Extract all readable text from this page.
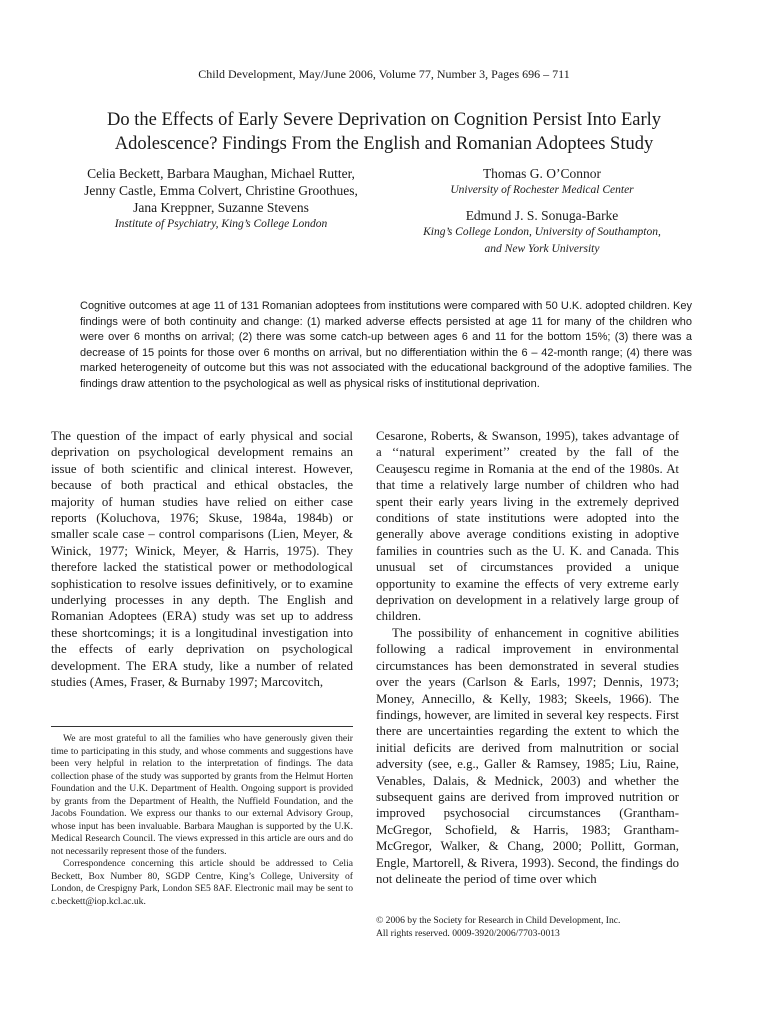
Child Development, May/June 2006, Volume 77, Number 3, Pages 696 – 711
Do the Effects of Early Severe Deprivation on Cognition Persist Into Early
Adolescence? Findings From the English and Romanian Adoptees Study
Celia Beckett, Barbara Maughan, Michael Rutter, Jenny Castle, Emma Colvert, Christine Groothues, Jana Kreppner, Suzanne Stevens
Institute of Psychiatry, King’s College London
Thomas G. O’Connor
University of Rochester Medical Center
Edmund J. S. Sonuga-Barke
King’s College London, University of Southampton,
and New York University
Cognitive outcomes at age 11 of 131 Romanian adoptees from institutions were compared with 50 U.K. adopted children. Key findings were of both continuity and change: (1) marked adverse effects persisted at age 11 for many of the children who were over 6 months on arrival; (2) there was some catch-up between ages 6 and 11 for the bottom 15%; (3) there was a decrease of 15 points for those over 6 months on arrival, but no differentiation within the 6 – 42-month range; (4) there was marked heterogeneity of outcome but this was not associated with the educational background of the adoptive families. The findings draw attention to the psychological as well as physical risks of institutional deprivation.

The question of the impact of early physical and social deprivation on psychological development remains an issue of both scientific and clinical interest. However, because of both practical and ethical obstacles, the majority of human studies have relied on either case reports (Koluchova, 1976; Skuse, 1984a, 1984b) or smaller scale case – control comparisons (Lien, Meyer, & Winick, 1977; Winick, Meyer, & Harris, 1975). They therefore lacked the statistical power or methodological sophistication to resolve issues definitively, or to examine underlying processes in any depth. The English and Romanian Adoptees (ERA) study was set up to address these shortcomings; it is a longitudinal investigation into the effects of early deprivation on psychological development. The ERA study, like a number of related studies (Ames, Fraser, & Burnaby 1997; Marcovitch,

Cesarone, Roberts, & Swanson, 1995), takes advantage of a ‘‘natural experiment’’ created by the fall of the Ceauşescu regime in Romania at the end of the 1980s. At that time a relatively large number of children who had spent their early years living in the extremely deprived conditions of state institutions were adopted into the generally above average conditions existing in adoptive families in countries such as the U. K. and Canada. This unusual set of circumstances provided a unique opportunity to examine the effects of very extreme early deprivation on development in a relatively large group of children.

The possibility of enhancement in cognitive abilities following a radical improvement in environmental circumstances has been demonstrated in several studies over the years (Carlson & Earls, 1997; Dennis, 1973; Money, Annecillo, & Kelly, 1983; Skeels, 1966). The findings, however, are limited in several key respects. First there are uncertainties regarding the extent to which the initial deficits are derived from malnutrition or social adversity (see, e.g., Galler & Ramsey, 1985; Liu, Raine, Venables, Dalais, & Mednick, 2003) and whether the subsequent gains are derived from improved nutrition or improved psychosocial circumstances (Grantham-McGregor, Schofield, & Harris, 1983; Grantham-McGregor, Walker, & Chang, 2000; Pollitt, Gorman, Engle, Martorell, & Rivera, 1993). Second, the findings do not delineate the period of time over which

We are most grateful to all the families who have generously given their time to participating in this study, and whose comments and suggestions have been very helpful in relation to the interpretation of findings. The data collection phase of the study was supported by grants from the Helmut Horten Foundation and the U.K. Department of Health. Ongoing support is provided by grants from the Department of Health, the Nuffield Foundation, and the Jacobs Foundation. We express our thanks to our external Advisory Group, whose input has been invaluable. Barbara Maughan is supported by the U.K. Medical Research Council. The views expressed in this article are ours and do not necessarily represent those of the funders.

Correspondence concerning this article should be addressed to Celia Beckett, Box Number 80, SGDP Centre, King’s College, University of London, de Crespigny Park, London SE5 8AF. Electronic mail may be sent to c.beckett@iop.kcl.ac.uk.

© 2006 by the Society for Research in Child Development, Inc.
All rights reserved. 0009-3920/2006/7703-0013
